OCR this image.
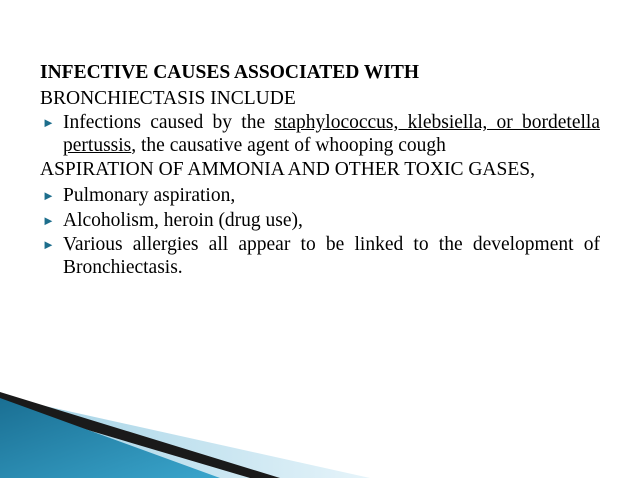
INFECTIVE CAUSES ASSOCIATED WITH

BRONCHIECTASIS INCLUDE

► Infections caused by the staphylococcus, klebsiella, or bordetella pertussis, the causative agent of whooping cough

ASPIRATION OF AMMONIA AND OTHER TOXIC GASES,

► Pulmonary aspiration,
► Alcoholism, heroin (drug use),
► Various allergies all appear to be linked to the development of Bronchiectasis.
